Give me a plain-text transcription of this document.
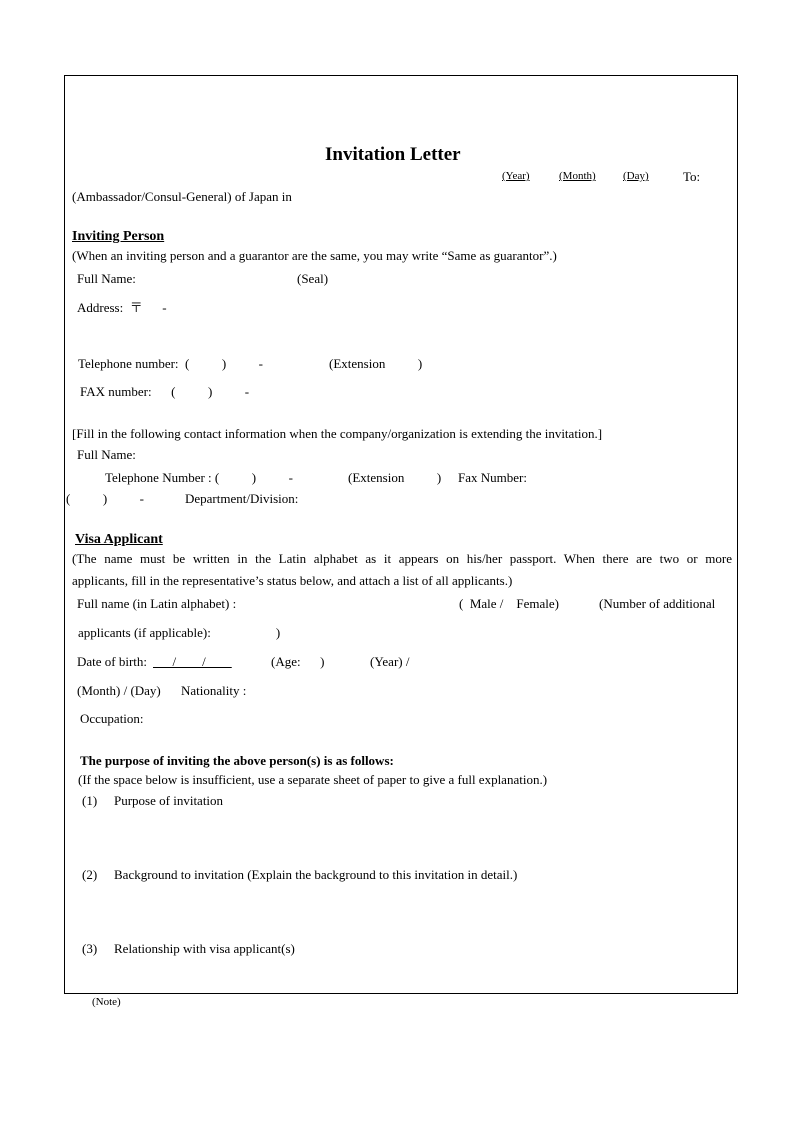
Invitation Letter
(Year)	(Month)	(Day)	To:
(Ambassador/Consul-General) of Japan in
Inviting Person
(When an inviting person and a guarantor are the same, you may write “Same as guarantor”.)
Full Name:	(Seal)
Address:  〒      -
Telephone number:  (          )          -	(Extension          )
FAX number:      (          )          -
[Fill in the following contact information when the company/organization is extending the invitation.]
Full Name:
Telephone Number : (          )          -	(Extension          ) Fax Number:
(          )          -	Department/Division:
Visa Applicant
(The name must be written in the Latin alphabet as it appears on his/her passport. When there are two or more
applicants, fill in the representative’s status below, and attach a list of all applicants.)
Full name (in Latin alphabet) :	(  Male /    Female)	(Number of additional
applicants (if applicable):                    )
Date of birth: /        /	(Age:      )	(Year) /
(Month) / (Day) Nationality :
Occupation:
The purpose of inviting the above person(s) is as follows:
(If the space below is insufficient, use a separate sheet of paper to give a full explanation.)
(1) Purpose of invitation
(2) Background to invitation (Explain the background to this invitation in detail.)
(3) Relationship with visa applicant(s)
(Note)
